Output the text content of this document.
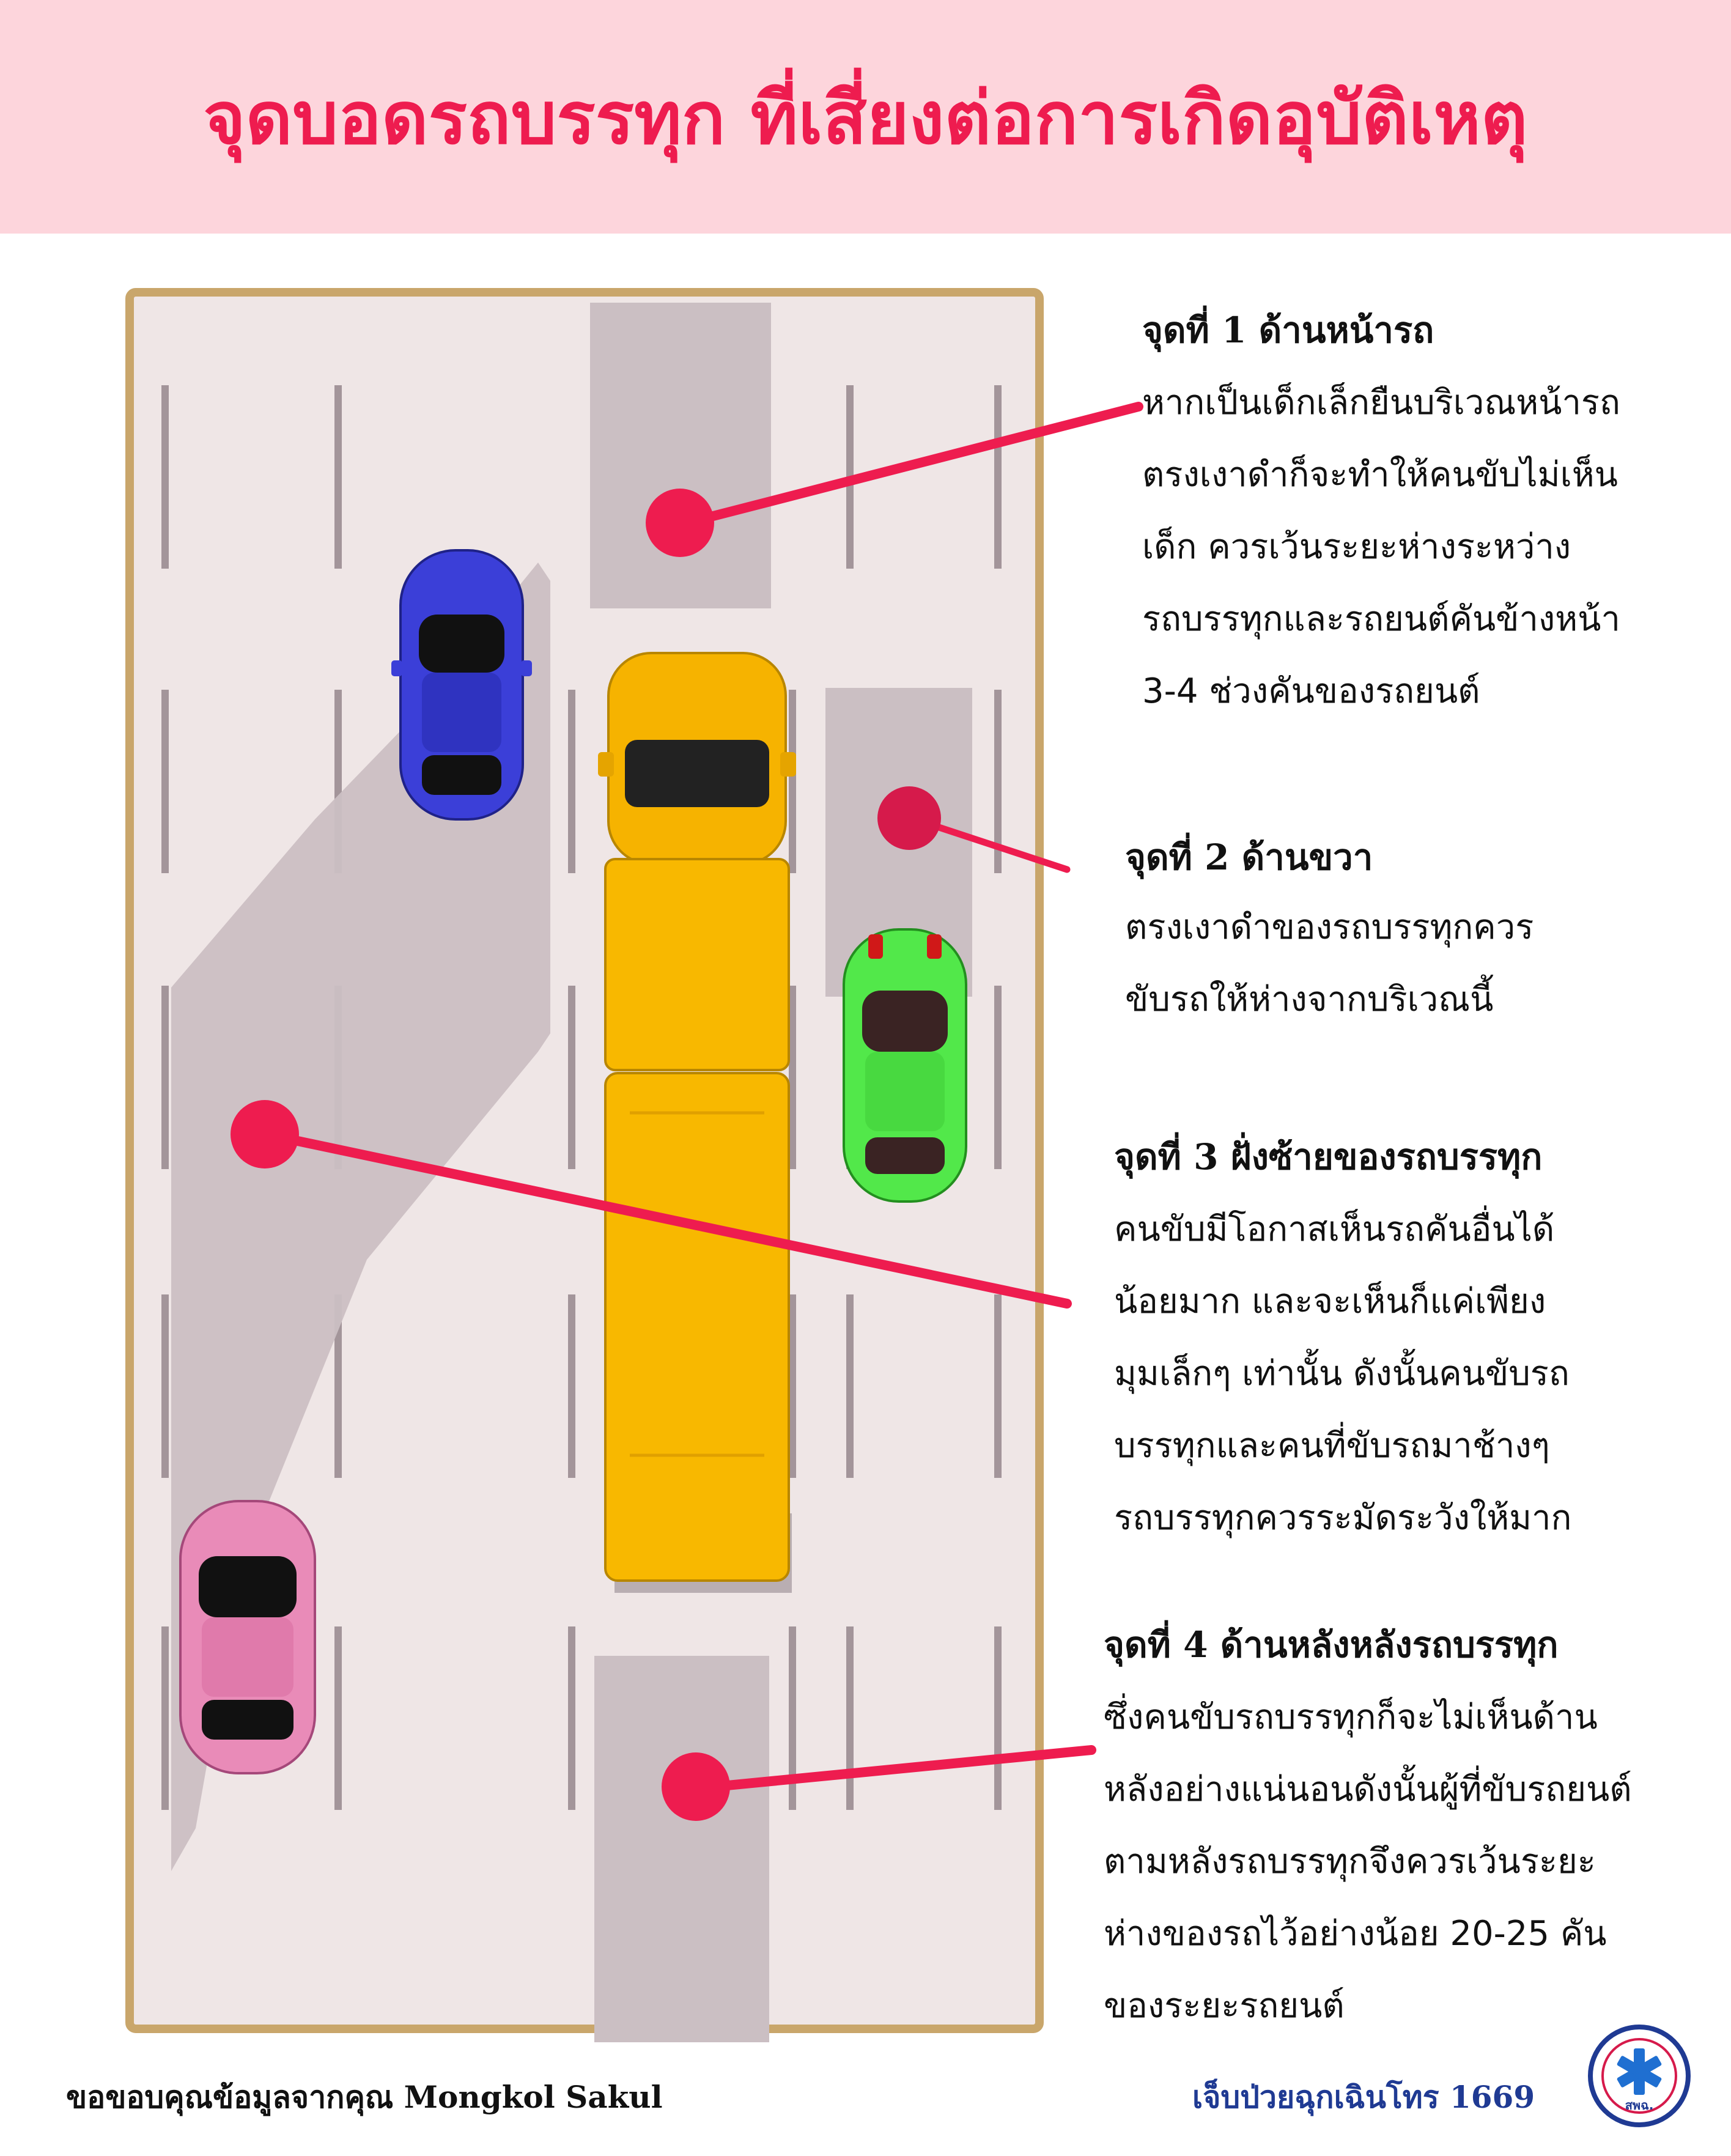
จุดบอดรถบรรทุก ที่เสี่ยงต่อการเกิดอุบัติเหตุ
จุดที่ 1 ด้านหน้ารถ
หากเป็นเด็กเล็กยืนบริเวณหน้ารถ
ตรงเงาดำก็จะทำให้คนขับไม่เห็น
เด็ก ควรเว้นระยะห่างระหว่าง
รถบรรทุกและรถยนต์คันข้างหน้า
3-4 ช่วงคันของรถยนต์
จุดที่ 2 ด้านขวา
ตรงเงาดำของรถบรรทุกควร
ขับรถให้ห่างจากบริเวณนี้
จุดที่ 3 ฝั่งซ้ายของรถบรรทุก
คนขับมีโอกาสเห็นรถคันอื่นได้
น้อยมาก และจะเห็นก็แค่เพียง
มุมเล็กๆ เท่านั้น ดังนั้นคนขับรถ
บรรทุกและคนที่ขับรถมาช้างๆ
รถบรรทุกควรระมัดระวังให้มาก
จุดที่ 4 ด้านหลังหลังรถบรรทุก
ซึ่งคนขับรถบรรทุกก็จะไม่เห็นด้าน
หลังอย่างแน่นอนดังนั้นผู้ที่ขับรถยนต์
ตามหลังรถบรรทุกจึงควรเว้นระยะ
ห่างของรถไว้อย่างน้อย 20-25 คัน
ของระยะรถยนต์
ขอขอบคุณข้อมูลจากคุณ Mongkol Sakul	เจ็บป่วยฉุกเฉินโทร 1669	สพฉ.
